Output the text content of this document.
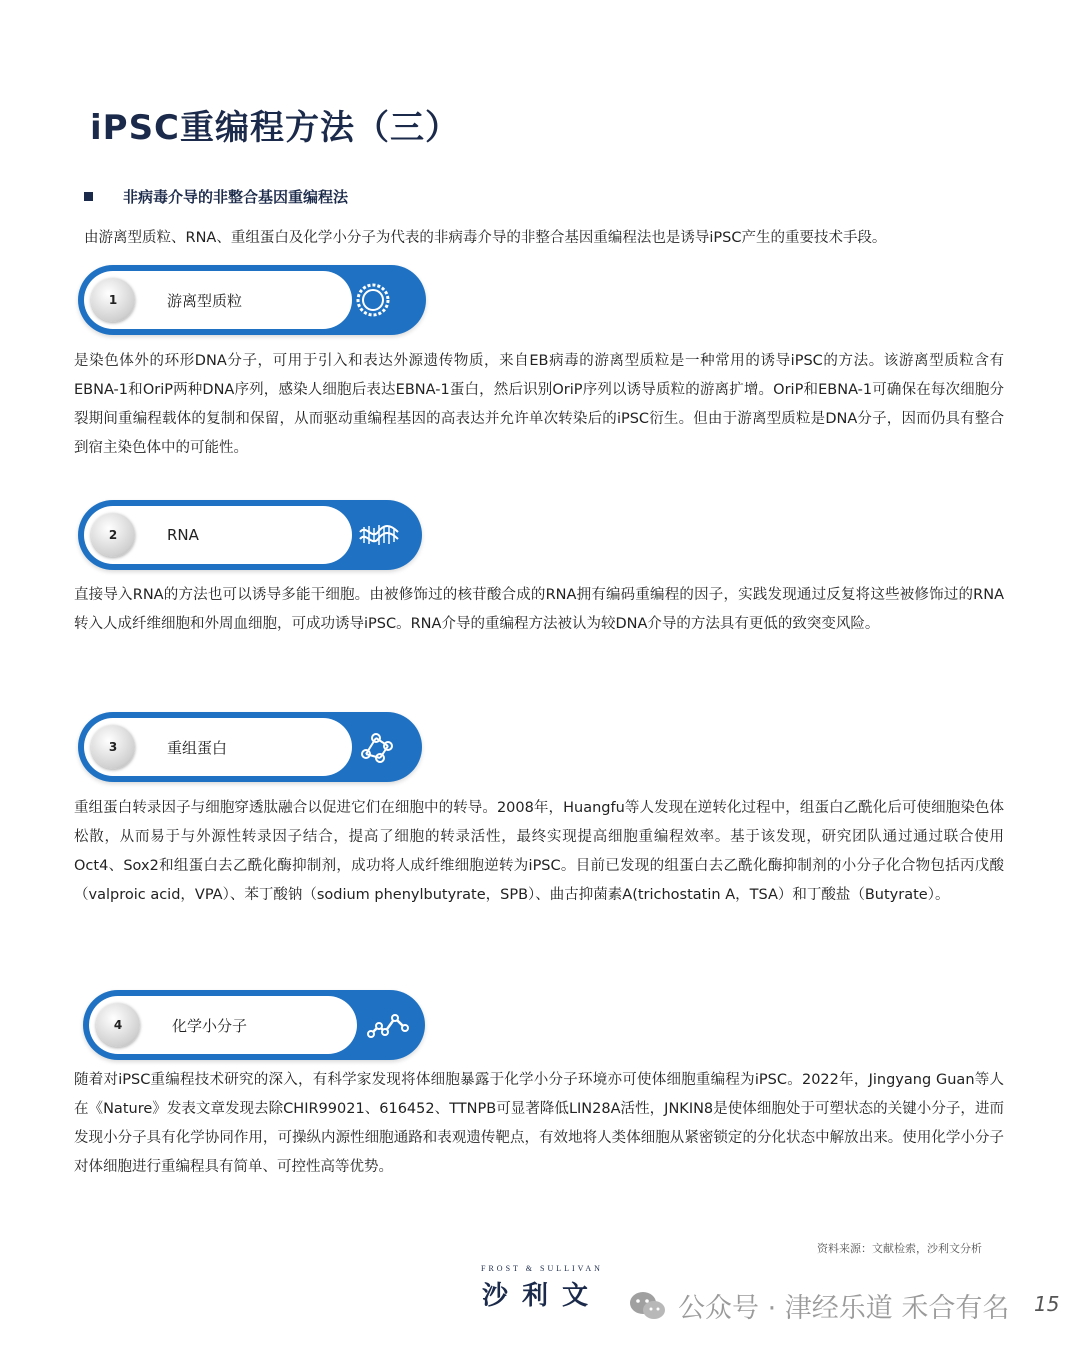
iPSC重编程方法（三）
非病毒介导的非整合基因重编程法
由游离型质粒、RNA、重组蛋白及化学小分子为代表的非病毒介导的非整合基因重编程法也是诱导iPSC产生的重要技术手段。
1	游离型质粒

是染色体外的环形DNA分子，可用于引入和表达外源遗传物质，来自EB病毒的游离型质粒是一种常用的诱导iPSC的方法。该游离型质粒含有EBNA-1和OriP两种DNA序列，感染人细胞后表达EBNA-1蛋白，然后识别OriP序列以诱导质粒的游离扩增。OriP和EBNA-1可确保在每次细胞分裂期间重编程载体的复制和保留，从而驱动重编程基因的高表达并允许单次转染后的iPSC衍生。但由于游离型质粒是DNA分子，因而仍具有整合到宿主染色体中的可能性。

2	RNA

直接导入RNA的方法也可以诱导多能干细胞。由被修饰过的核苷酸合成的RNA拥有编码重编程的因子，实践发现通过反复将这些被修饰过的RNA转入人成纤维细胞和外周血细胞，可成功诱导iPSC。RNA介导的重编程方法被认为较DNA介导的方法具有更低的致突变风险。

3	重组蛋白

重组蛋白转录因子与细胞穿透肽融合以促进它们在细胞中的转导。2008年，Huangfu等人发现在逆转化过程中，组蛋白乙酰化后可使细胞染色体松散，从而易于与外源性转录因子结合，提高了细胞的转录活性，最终实现提高细胞重编程效率。基于该发现，研究团队通过通过联合使用Oct4、Sox2和组蛋白去乙酰化酶抑制剂，成功将人成纤维细胞逆转为iPSC。目前已发现的组蛋白去乙酰化酶抑制剂的小分子化合物包括丙戊酸（valproic acid，VPA）、苯丁酸钠（sodium phenylbutyrate，SPB）、曲古抑菌素A(trichostatin A，TSA）和丁酸盐（Butyrate）。

4	化学小分子

随着对iPSC重编程技术研究的深入，有科学家发现将体细胞暴露于化学小分子环境亦可使体细胞重编程为iPSC。2022年，Jingyang Guan等人在《Nature》发表文章发现去除CHIR99021、616452、TTNPB可显著降低LIN28A活性，JNKIN8是使体细胞处于可塑状态的关键小分子，进而发现小分子具有化学协同作用，可操纵内源性细胞通路和表观遗传靶点，有效地将人类体细胞从紧密锁定的分化状态中解放出来。使用化学小分子对体细胞进行重编程具有简单、可控性高等优势。

资料来源：文献检索，沙利文分析
FROST & SULLIVAN
沙利文	公众号 · 津经乐道 禾合有名 15
